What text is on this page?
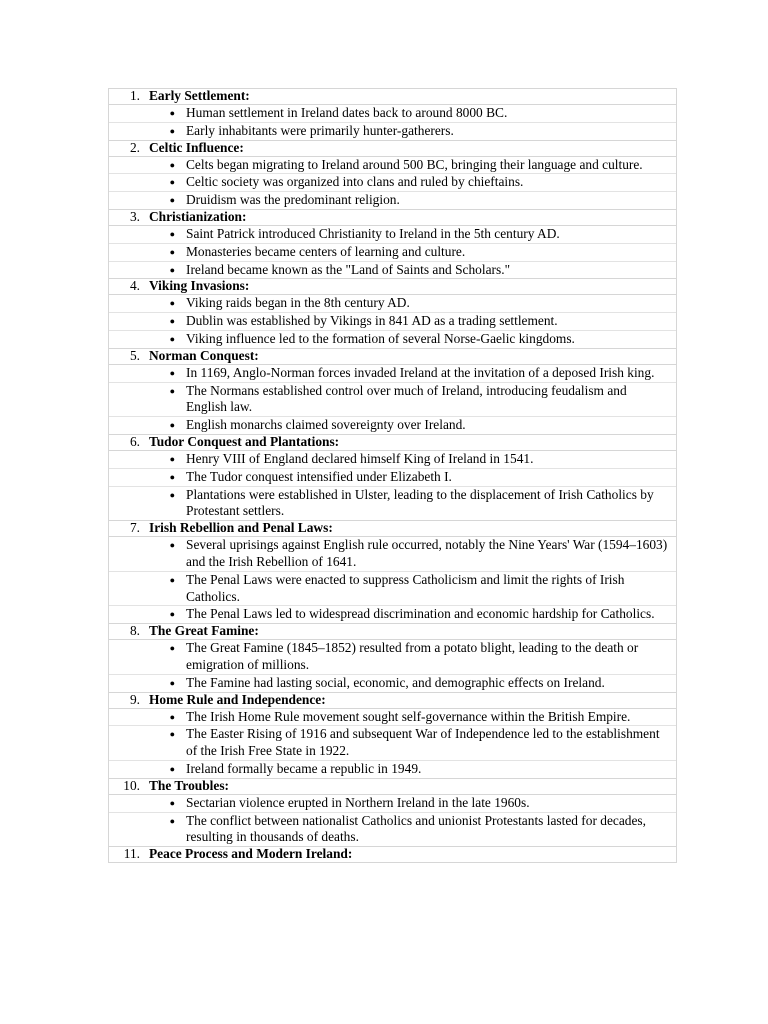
1. Early Settlement:
● Human settlement in Ireland dates back to around 8000 BC.
● Early inhabitants were primarily hunter-gatherers.
2. Celtic Influence:
● Celts began migrating to Ireland around 500 BC, bringing their language and culture.
● Celtic society was organized into clans and ruled by chieftains.
● Druidism was the predominant religion.
3. Christianization:
● Saint Patrick introduced Christianity to Ireland in the 5th century AD.
● Monasteries became centers of learning and culture.
● Ireland became known as the "Land of Saints and Scholars."
4. Viking Invasions:
● Viking raids began in the 8th century AD.
● Dublin was established by Vikings in 841 AD as a trading settlement.
● Viking influence led to the formation of several Norse-Gaelic kingdoms.
5. Norman Conquest:
● In 1169, Anglo-Norman forces invaded Ireland at the invitation of a deposed Irish king.
● The Normans established control over much of Ireland, introducing feudalism and English law.
● English monarchs claimed sovereignty over Ireland.
6. Tudor Conquest and Plantations:
● Henry VIII of England declared himself King of Ireland in 1541.
● The Tudor conquest intensified under Elizabeth I.
● Plantations were established in Ulster, leading to the displacement of Irish Catholics by Protestant settlers.
7. Irish Rebellion and Penal Laws:
● Several uprisings against English rule occurred, notably the Nine Years' War (1594–1603) and the Irish Rebellion of 1641.
● The Penal Laws were enacted to suppress Catholicism and limit the rights of Irish Catholics.
● The Penal Laws led to widespread discrimination and economic hardship for Catholics.
8. The Great Famine:
● The Great Famine (1845–1852) resulted from a potato blight, leading to the death or emigration of millions.
● The Famine had lasting social, economic, and demographic effects on Ireland.
9. Home Rule and Independence:
● The Irish Home Rule movement sought self-governance within the British Empire.
● The Easter Rising of 1916 and subsequent War of Independence led to the establishment of the Irish Free State in 1922.
● Ireland formally became a republic in 1949.
10. The Troubles:
● Sectarian violence erupted in Northern Ireland in the late 1960s.
● The conflict between nationalist Catholics and unionist Protestants lasted for decades, resulting in thousands of deaths.
11. Peace Process and Modern Ireland:
